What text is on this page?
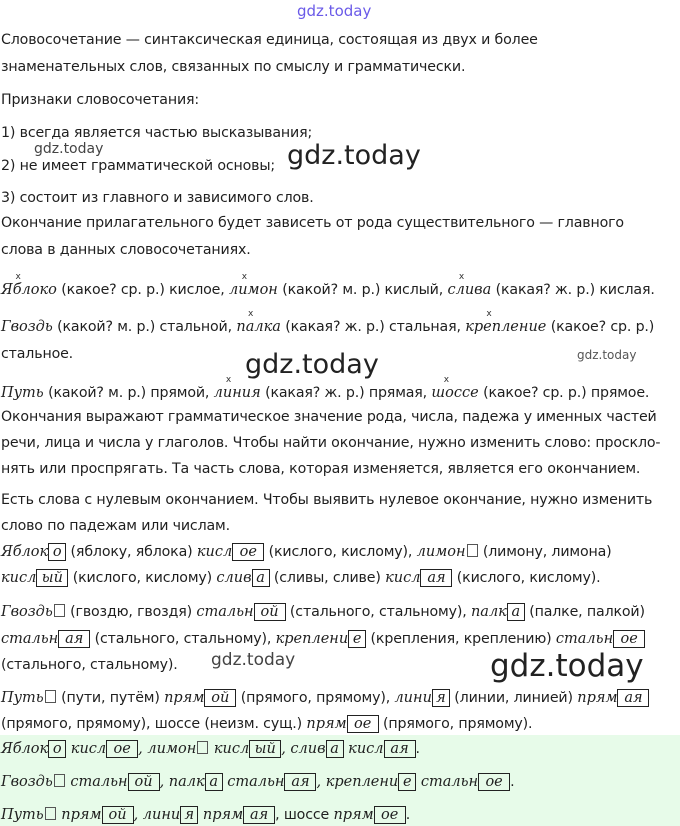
gdz.today
gdz.today	gdz.today
gdz.today	gdz.today
gdz.today	gdz.today
Словосочетание — синтаксическая единица, состоящая из двух и более
знаменательных слов, связанных по смыслу и грамматически.
Признаки словосочетания:
1) всегда является частью высказывания;
2) не имеет грамматической основы;
3) состоит из главного и зависимого слов.
Окончание прилагательного будет зависеть от рода существительного — главного
слова в данных словосочетаниях.
x Яблоко (какое? ср. р.) кислое, x лимон (какой? м. р.) кислый, x слива (какая? ж. р.) кислая.
Гвоздь (какой? м. р.) стальной, x палка (какая? ж. р.) стальная, x крепление (какое? ср. р.)
стальное.
Путь (какой? м. р.) прямой, x линия (какая? ж. р.) прямая, x шоссе (какое? ср. р.) прямое.
Окончания выражают грамматическое значение рода, числа, падежа у именных частей
речи, лица и числа у глаголов. Чтобы найти окончание, нужно изменить слово: проскло-
нять или проспрягать. Та часть слова, которая изменяется, является его окончанием.
Есть слова с нулевым окончанием. Чтобы выявить нулевое окончание, нужно изменить
слово по падежам или числам.
Яблок о (яблоку, яблока) кисл ое (кислого, кислому), лимон (лимону, лимона)
кисл ый (кислого, кислому) слив а (сливы, сливе) кисл ая (кислого, кислому).
Гвоздь (гвоздю, гвоздя) стальн ой (стального, стальному), палк а (палке, палкой)
стальн ая (стального, стальному), креплени е (крепления, креплению) стальн ое
(стального, стальному).
Путь (пути, путём) прям ой (прямого, прямому), лини я (линии, линией) прям ая
(прямого, прямому), шоссе (неизм. сущ.) прям ое (прямого, прямому).
Яблок о кисл ое , лимон кисл ый , слив а кисл ая .
Гвоздь стальн ой , палк а стальн ая , креплени е стальн ое .
Путь прям ой , лини я прям ая , шоссе прям ое .
